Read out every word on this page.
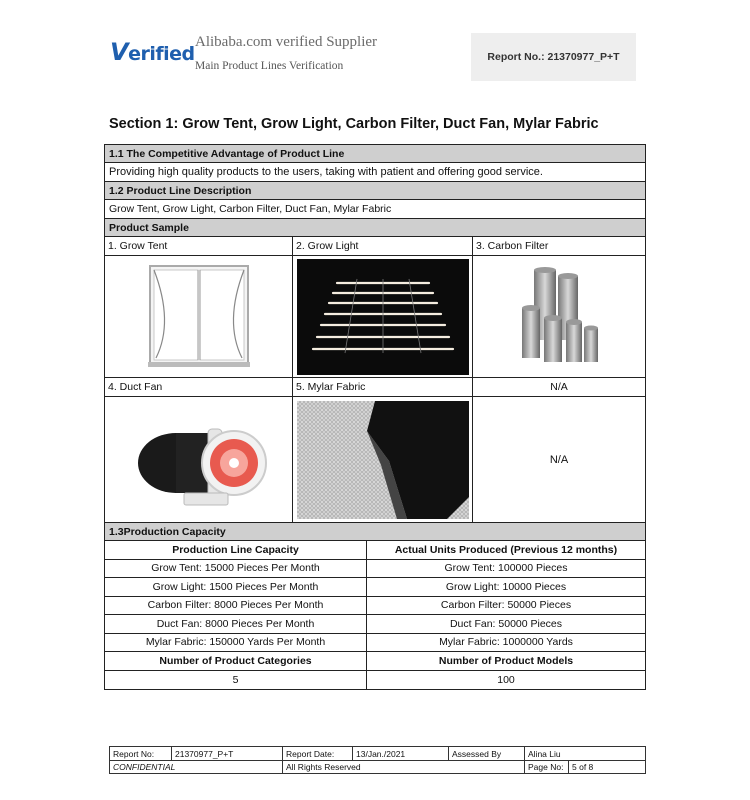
Verified
Alibaba.com verified Supplier
Main Product Lines Verification
Report No.: 21370977_P+T
Section 1: Grow Tent, Grow Light, Carbon Filter, Duct Fan, Mylar Fabric
1.1 The Competitive Advantage of Product Line
Providing high quality products to the users, taking with patient and offering good service.
1.2 Product Line Description
Grow Tent, Grow Light, Carbon Filter, Duct Fan, Mylar Fabric
Product Sample
1. Grow Tent	2. Grow Light	3. Carbon Filter
4. Duct Fan	5. Mylar Fabric	N/A
N/A
1.3Production Capacity
Production Line Capacity	Actual Units Produced (Previous 12 months)
Grow Tent: 15000 Pieces Per Month	Grow Tent: 100000 Pieces
Grow Light: 1500 Pieces Per Month	Grow Light: 10000 Pieces
Carbon Filter: 8000 Pieces Per Month	Carbon Filter: 50000 Pieces
Duct Fan: 8000 Pieces Per Month	Duct Fan: 50000 Pieces
Mylar Fabric: 150000 Yards Per Month	Mylar Fabric: 1000000 Yards
Number of Product Categories	Number of Product Models
5	100
Report No:	21370977_P+T	Report Date:	13/Jan./2021	Assessed By	Alina Liu
CONFIDENTIAL	All Rights Reserved	Page No:	5 of 8
